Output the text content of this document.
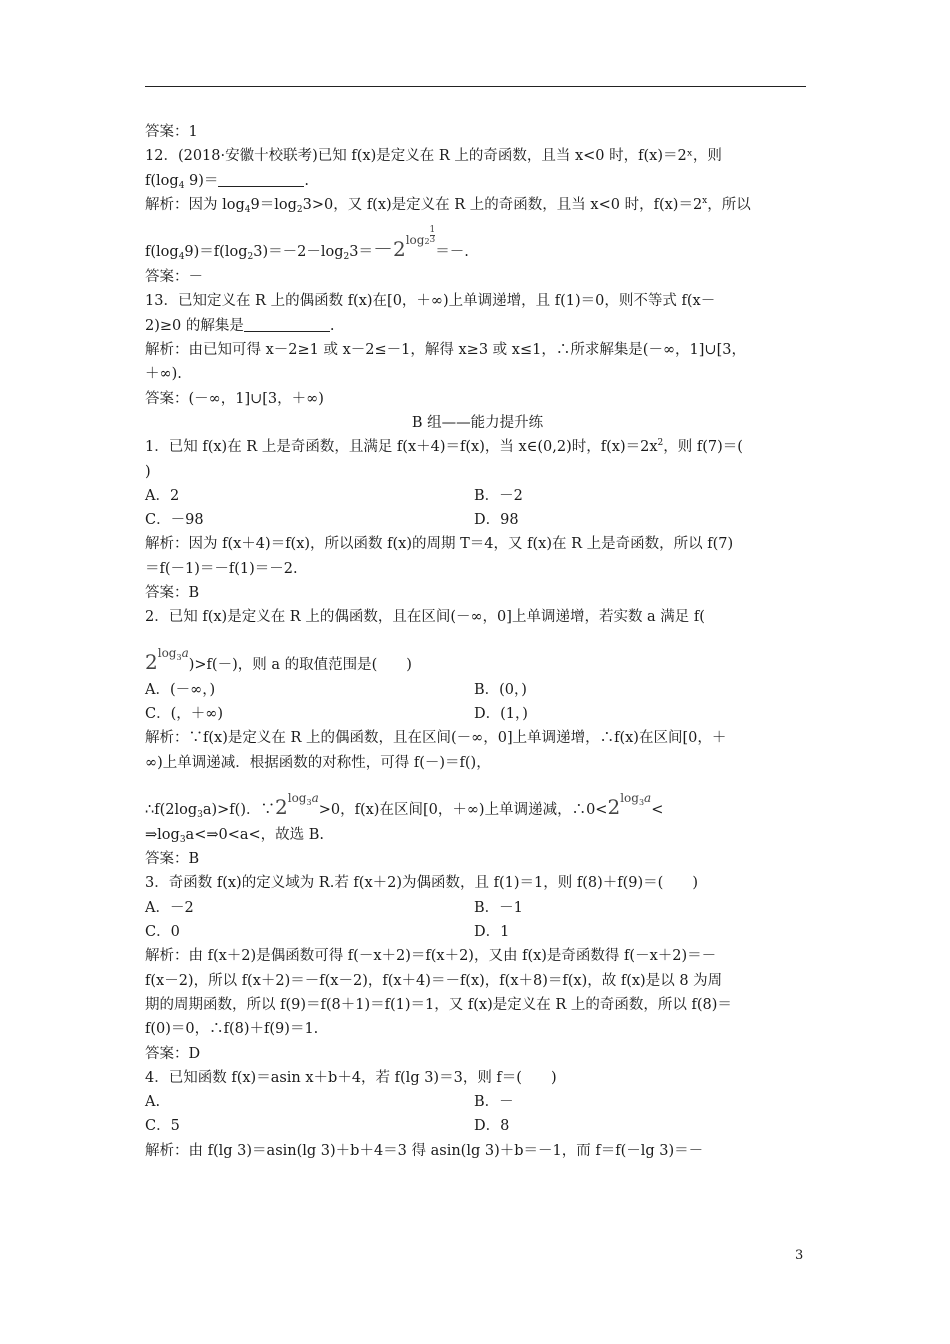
答案：1
12．(2018·安徽十校联考)已知 f(x)是定义在 R 上的奇函数，且当 x<0 时，f(x)＝2ˣ，则
$f(\log_4$ 9)＝	.
解析：因为 $\log_49=\log_23>0$，又 f(x)是定义在 R 上的奇函数，且当 x<0 时，$f(x)=2^x$，所以
$f(\log_49)=f(\log_23)=-2-\log_23=-2^{log2}\frac{1}{3}$
＝－.
答案：－
13．已知定义在 R 上的偶函数 f(x)在[0，＋∞)上单调递增，且 f(1)＝0，则不等式 f(x－
2)≥0 的解集是	.
解析：由已知可得 x－2≥1 或 x－2≤－1，解得 x≥3 或 x≤1，∴所求解集是(－∞，1]∪[3，
＋∞).
答案：(－∞，1]∪[3，＋∞)
B 组——能力提升练
1．已知 f(x)在 R 上是奇函数，且满足 f(x＋4)＝f(x)，当 x∈(0,2)时，$f(x)=2x^2$，则 f(7)＝(
)
A．2	B．－2
C．－98	D．98
解析：因为 f(x＋4)＝f(x)，所以函数 f(x)的周期 T＝4，又 f(x)在 R 上是奇函数，所以 f(7)
＝f(－1)＝－f(1)＝－2.
答案：B
2．已知 f(x)是定义在 R 上的偶函数，且在区间(－∞，0]上单调递增，若实数 a 满足 f(
$2^{log3a})>f(-)$，则 a 的取值范围是(　　)
A．(－∞，)	B．(0，)
C．(，＋∞)	D．(1，)
解析：∵f(x)是定义在 R 上的偶函数，且在区间(－∞，0]上单调递增，∴f(x)在区间[0，＋
∞)上单调递减．根据函数的对称性，可得 f(－)＝f()，
$\therefore f(2\log_3a)>f()$．$\because 2^{log3a}>0$，f(x)在区间[0，＋∞)上单调递减，$\therefore 0<2^{log3a}<$
$\Rightarrow\log_3a<\Rightarrow 0<a<$，故选 B.
答案：B
3．奇函数 f(x)的定义域为 R.若 f(x＋2)为偶函数，且 f(1)＝1，则 f(8)＋f(9)＝(　　)
A．－2	B．－1
C．0	D．1
解析：由 f(x＋2)是偶函数可得 f(－x＋2)＝f(x＋2)，又由 f(x)是奇函数得 f(－x＋2)＝－
f(x－2)，所以 f(x＋2)＝－f(x－2)，f(x＋4)＝－f(x)，f(x＋8)＝f(x)，故 f(x)是以 8 为周
期的周期函数，所以 f(9)＝f(8＋1)＝f(1)＝1，又 f(x)是定义在 R 上的奇函数，所以 f(8)＝
f(0)＝0，∴f(8)＋f(9)＝1.
答案：D
4．已知函数 f(x)＝asin x＋b＋4，若 f(lg 3)＝3，则 f＝(　　)
A.	B．－
C．5	D．8
解析：由 f(lg 3)＝asin(lg 3)＋b＋4＝3 得 asin(lg 3)＋b＝－1，而 f＝f(－lg 3)＝－
3
